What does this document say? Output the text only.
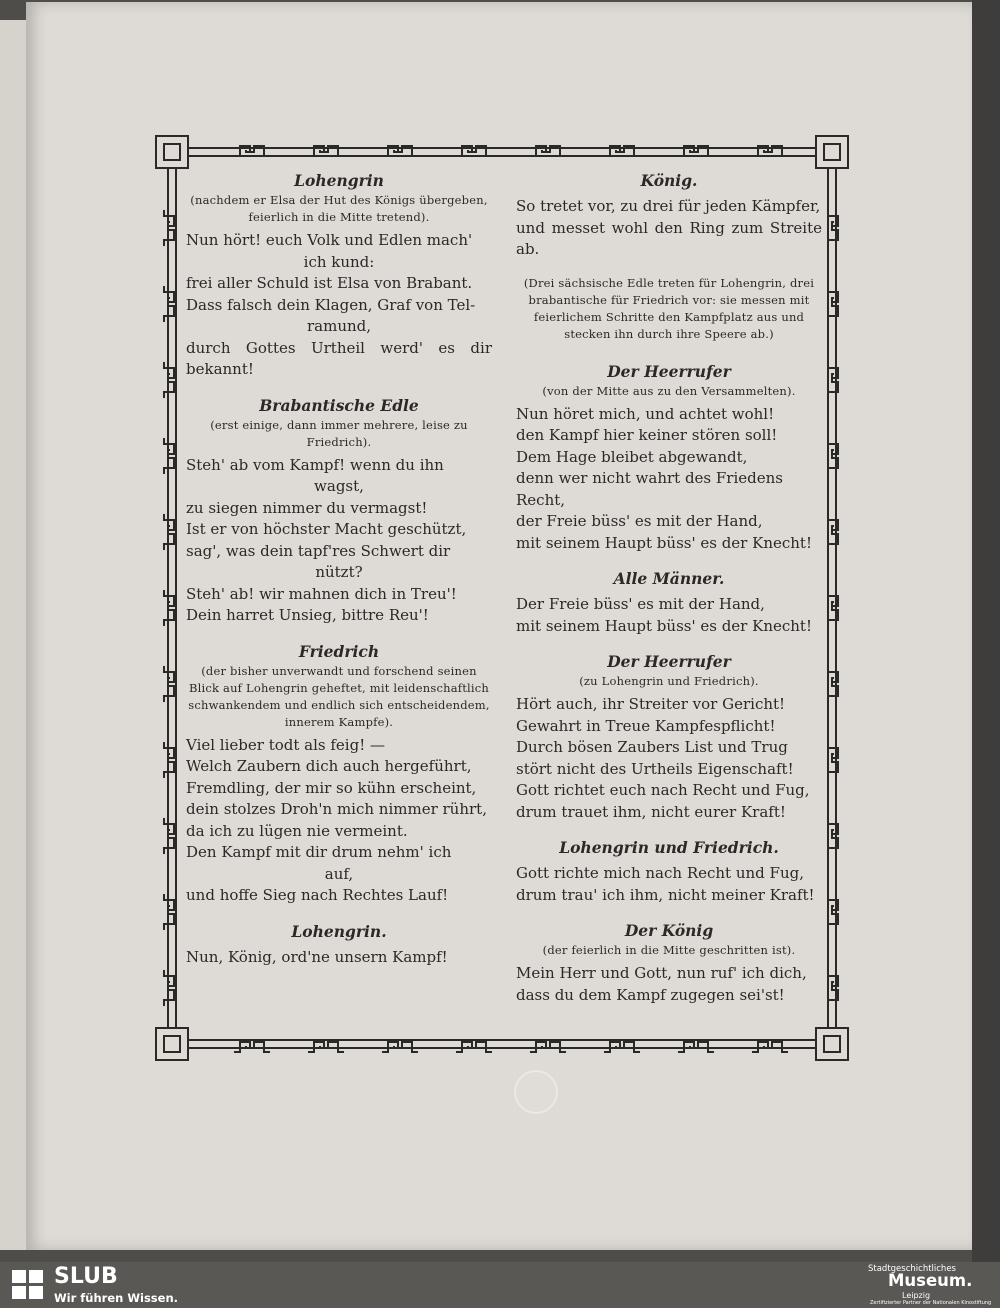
Lohengrin

(nachdem er Elsa der Hut des Königs übergeben, feierlich in die Mitte tretend).

Nun hört! euch Volk und Edlen mach'

ich kund:

frei aller Schuld ist Elsa von Brabant.

Dass falsch dein Klagen, Graf von Tel-

ramund,

durch Gottes Urtheil werd' es dir bekannt!

Brabantische Edle

(erst einige, dann immer mehrere, leise zu Friedrich).

Steh' ab vom Kampf! wenn du ihn

wagst,

zu siegen nimmer du vermagst!

Ist er von höchster Macht geschützt,

sag', was dein tapf'res Schwert dir

nützt?

Steh' ab! wir mahnen dich in Treu'!

Dein harret Unsieg, bittre Reu'!

Friedrich

(der bisher unverwandt und forschend seinen Blick auf Lohengrin geheftet, mit leidenschaftlich schwankendem und endlich sich entscheidendem, innerem Kampfe).

Viel lieber todt als feig! —

Welch Zaubern dich auch hergeführt,

Fremdling, der mir so kühn erscheint,

dein stolzes Droh'n mich nimmer rührt,

da ich zu lügen nie vermeint.

Den Kampf mit dir drum nehm' ich

auf,

und hoffe Sieg nach Rechtes Lauf!

Lohengrin.

Nun, König, ord'ne unsern Kampf!

König.

So tretet vor, zu drei für jeden Kämpfer,

und messet wohl den Ring zum Streite ab.

(Drei sächsische Edle treten für Lohengrin, drei brabantische für Friedrich vor: sie messen mit feierlichem Schritte den Kampfplatz aus und stecken ihn durch ihre Speere ab.)

Der Heerrufer

(von der Mitte aus zu den Versammelten).

Nun höret mich, und achtet wohl!

den Kampf hier keiner stören soll!

Dem Hage bleibet abgewandt,

denn wer nicht wahrt des Friedens

Recht,

der Freie büss' es mit der Hand,

mit seinem Haupt büss' es der Knecht!

Alle Männer.

Der Freie büss' es mit der Hand,

mit seinem Haupt büss' es der Knecht!

Der Heerrufer

(zu Lohengrin und Friedrich).

Hört auch, ihr Streiter vor Gericht!

Gewahrt in Treue Kampfespflicht!

Durch bösen Zaubers List und Trug

stört nicht des Urtheils Eigenschaft!

Gott richtet euch nach Recht und Fug,

drum trauet ihm, nicht eurer Kraft!

Lohengrin und Friedrich.

Gott richte mich nach Recht und Fug,

drum trau' ich ihm, nicht meiner Kraft!

Der König

(der feierlich in die Mitte geschritten ist).

Mein Herr und Gott, nun ruf' ich dich,

dass du dem Kampf zugegen sei'st!

SLUB
Wir führen Wissen.
Stadtgeschichtliches
Museum.
Leipzig
Zertifizierter Partner der Nationalen Kinostiftung
